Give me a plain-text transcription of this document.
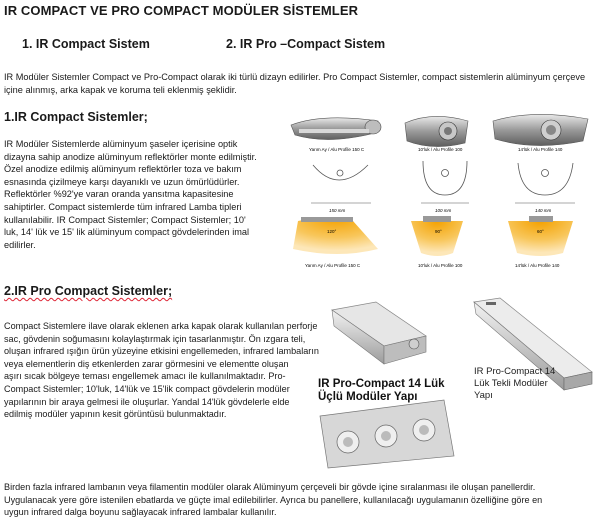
IR COMPACT VE PRO COMPACT MODÜLER SİSTEMLER
1. IR Compact Sistem	2. IR Pro –Compact Sistem
IR Modüler Sistemler Compact ve Pro-Compact olarak iki türlü dizayn edilirler. Pro Compact Sistemler, compact sistemlerin alüminyum çerçeve içine alınmış, arka kapak ve koruma teli eklenmiş şeklidir.
1.IR Compact Sistemler;
IR Modüler Sistemlerde alüminyum şaseler içerisine optik
dizayna sahip anodize alüminyum reflektörler monte edilmiştir.
Özel anodize edilmiş alüminyum reflektörler toza ve bakım
esnasında çizilmeye karşı dayanıklı ve uzun ömürlüdürler.
Reflektörler %92'ye varan oranda yansıtma kapasitesine
sahiptirler. Compact sistemlerde tüm infrared Lamba tipleri
kullanılabilir. IR Compact Sistemler; Compact Sistemler; 10'
luk, 14' lük ve 15' lik alüminyum compact gövdelerinden imal
edilirler.
Yarım Ay / Alu Profile 150 C	10'luk / Alu Profile 100	14'lük / Alu Profile 140
150 mm	100 mm	140 mm
120°	90°	60°
Yarım Ay / Alu Profile 150 C	10'luk / Alu Profile 100	14'lük / Alu Profile 140
2.IR Pro Compact Sistemler;
Compact Sistemlere ilave olarak eklenen arka kapak olarak kullanılan perforje
sac, gövdenin soğumasını kolaylaştırmak için tasarlanmıştır. Ön ızgara teli,
oluşan infrared ışığın ürün yüzeyine etkisini engellemeden, infrared lambaların
veya elementlerin diş etkenlerden zarar görmesini ve elementte oluşan
aşırı sıcak bölgeye teması engellemek amacı ile kullanılmaktadır. Pro-
Compact Sistemler; 10'luk, 14'lük ve 15'lik compact gövdelerin modüler
yapılarının bir araya gelmesi ile oluşurlar. Yandal 14'lük gövdelerle elde
edilmiş modüler yapının kesit görüntüsü bulunmaktadır.
IR Pro-Compact 14 Lük
Üçlü Modüler Yapı
IR Pro-Compact 14
Lük Tekli Modüler
Yapı
Birden fazla infrared lambanın veya filamentin modüler olarak Alüminyum çerçeveli bir gövde içine sıralanması ile oluşan panellerdir.
Uygulanacak yere göre istenilen ebatlarda ve güçte imal edilebilirler. Ayrıca bu panellere, kullanılacağı uygulamanın özelliğine göre en
uygun infrared dalga boyunu sağlayacak infrared lambalar kullanılır.
